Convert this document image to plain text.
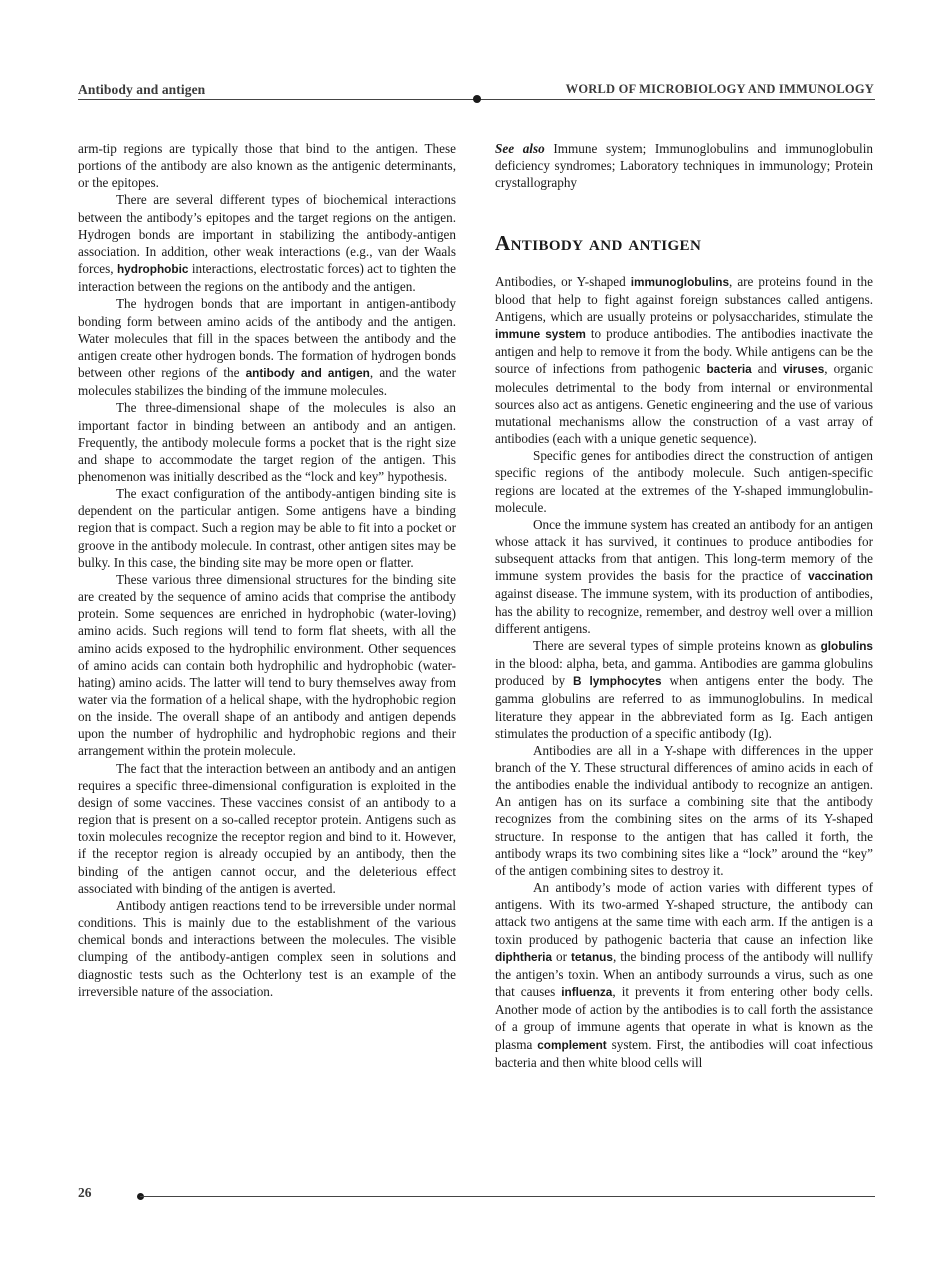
Antibody and antigen	WORLD OF MICROBIOLOGY AND IMMUNOLOGY

arm-tip regions are typically those that bind to the antigen. These portions of the antibody are also known as the antigenic determinants, or the epitopes.

There are several different types of biochemical interactions between the antibody’s epitopes and the target regions on the antigen. Hydrogen bonds are important in stabilizing the antibody-antigen association. In addition, other weak interactions (e.g., van der Waals forces, hydrophobic interactions, electrostatic forces) act to tighten the interaction between the regions on the antibody and the antigen.

The hydrogen bonds that are important in antigen-antibody bonding form between amino acids of the antibody and the antigen. Water molecules that fill in the spaces between the antibody and the antigen create other hydrogen bonds. The formation of hydrogen bonds between other regions of the antibody and antigen, and the water molecules stabilizes the binding of the immune molecules.

The three-dimensional shape of the molecules is also an important factor in binding between an antibody and an antigen. Frequently, the antibody molecule forms a pocket that is the right size and shape to accommodate the target region of the antigen. This phenomenon was initially described as the “lock and key” hypothesis.

The exact configuration of the antibody-antigen binding site is dependent on the particular antigen. Some antigens have a binding region that is compact. Such a region may be able to fit into a pocket or groove in the antibody molecule. In contrast, other antigen sites may be bulky. In this case, the binding site may be more open or flatter.

These various three dimensional structures for the binding site are created by the sequence of amino acids that comprise the antibody protein. Some sequences are enriched in hydrophobic (water-loving) amino acids. Such regions will tend to form flat sheets, with all the amino acids exposed to the hydrophilic environment. Other sequences of amino acids can contain both hydrophilic and hydrophobic (water-hating) amino acids. The latter will tend to bury themselves away from water via the formation of a helical shape, with the hydrophobic region on the inside. The overall shape of an antibody and antigen depends upon the number of hydrophilic and hydrophobic regions and their arrangement within the protein molecule.

The fact that the interaction between an antibody and an antigen requires a specific three-dimensional configuration is exploited in the design of some vaccines. These vaccines consist of an antibody to a region that is present on a so-called receptor protein. Antigens such as toxin molecules recognize the receptor region and bind to it. However, if the receptor region is already occupied by an antibody, then the binding of the antigen cannot occur, and the deleterious effect associated with binding of the antigen is averted.

Antibody antigen reactions tend to be irreversible under normal conditions. This is mainly due to the establishment of the various chemical bonds and interactions between the molecules. The visible clumping of the antibody-antigen complex seen in solutions and diagnostic tests such as the Ochterlony test is an example of the irreversible nature of the association.

See also Immune system; Immunoglobulins and immunoglobulin deficiency syndromes; Laboratory techniques in immunology; Protein crystallography

Antibody and antigen

Antibodies, or Y-shaped immunoglobulins, are proteins found in the blood that help to fight against foreign substances called antigens. Antigens, which are usually proteins or polysaccharides, stimulate the immune system to produce antibodies. The antibodies inactivate the antigen and help to remove it from the body. While antigens can be the source of infections from pathogenic bacteria and viruses, organic molecules detrimental to the body from internal or environmental sources also act as antigens. Genetic engineering and the use of various mutational mechanisms allow the construction of a vast array of antibodies (each with a unique genetic sequence).

Specific genes for antibodies direct the construction of antigen specific regions of the antibody molecule. Such antigen-specific regions are located at the extremes of the Y-shaped immunglobulin-molecule.

Once the immune system has created an antibody for an antigen whose attack it has survived, it continues to produce antibodies for subsequent attacks from that antigen. This long-term memory of the immune system provides the basis for the practice of vaccination against disease. The immune system, with its production of antibodies, has the ability to recognize, remember, and destroy well over a million different antigens.

There are several types of simple proteins known as globulins in the blood: alpha, beta, and gamma. Antibodies are gamma globulins produced by B lymphocytes when antigens enter the body. The gamma globulins are referred to as immunoglobulins. In medical literature they appear in the abbreviated form as Ig. Each antigen stimulates the production of a specific antibody (Ig).

Antibodies are all in a Y-shape with differences in the upper branch of the Y. These structural differences of amino acids in each of the antibodies enable the individual antibody to recognize an antigen. An antigen has on its surface a combining site that the antibody recognizes from the combining sites on the arms of its Y-shaped structure. In response to the antigen that has called it forth, the antibody wraps its two combining sites like a “lock” around the “key” of the antigen combining sites to destroy it.

An antibody’s mode of action varies with different types of antigens. With its two-armed Y-shaped structure, the antibody can attack two antigens at the same time with each arm. If the antigen is a toxin produced by pathogenic bacteria that cause an infection like diphtheria or tetanus, the binding process of the antibody will nullify the antigen’s toxin. When an antibody surrounds a virus, such as one that causes influenza, it prevents it from entering other body cells. Another mode of action by the antibodies is to call forth the assistance of a group of immune agents that operate in what is known as the plasma complement system. First, the antibodies will coat infectious bacteria and then white blood cells will

26
